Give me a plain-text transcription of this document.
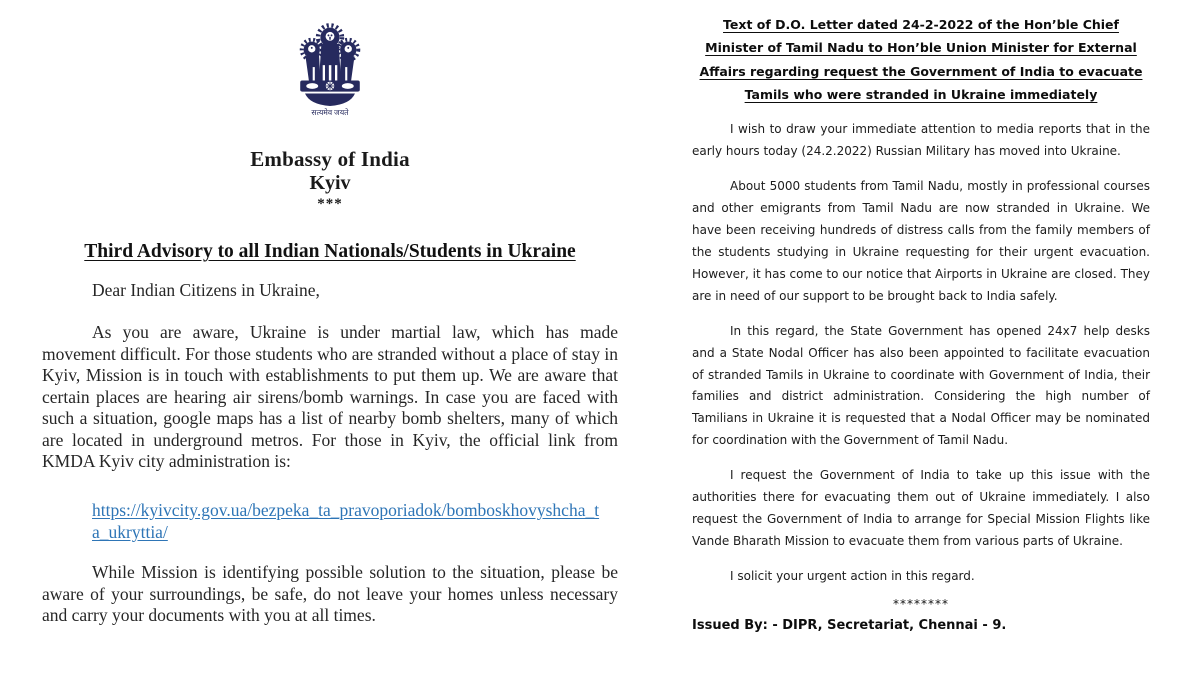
सत्यमेव जयते
Embassy of India
Kyiv
***
Third Advisory to all Indian Nationals/Students in Ukraine
Dear Indian Citizens in Ukraine,
As you are aware, Ukraine is under martial law, which has made movement difficult. For those students who are stranded without a place of stay in Kyiv, Mission is in touch with establishments to put them up. We are aware that certain places are hearing air sirens/bomb warnings. In case you are faced with such a situation, google maps has a list of nearby bomb shelters, many of which are located in underground metros. For those in Kyiv, the official link from KMDA Kyiv city administration is:
https://kyivcity.gov.ua/bezpeka_ta_pravoporiadok/bomboskhovyshcha_ta_ukryttia/
While Mission is identifying possible solution to the situation, please be aware of your surroundings, be safe, do not leave your homes unless necessary and carry your documents with you at all times.
Text of D.O. Letter dated 24-2-2022 of the Hon’ble Chief Minister of Tamil Nadu to Hon’ble Union Minister for External Affairs regarding request the Government of India to evacuate Tamils who were stranded in Ukraine immediately
I wish to draw your immediate attention to media reports that in the early hours today (24.2.2022) Russian Military has moved into Ukraine.
About 5000 students from Tamil Nadu, mostly in professional courses and other emigrants from Tamil Nadu are now stranded in Ukraine. We have been receiving hundreds of distress calls from the family members of the students studying in Ukraine requesting for their urgent evacuation. However, it has come to our notice that Airports in Ukraine are closed. They are in need of our support to be brought back to India safely.
In this regard, the State Government has opened 24x7 help desks and a State Nodal Officer has also been appointed to facilitate evacuation of stranded Tamils in Ukraine to coordinate with Government of India, their families and district administration. Considering the high number of Tamilians in Ukraine it is requested that a Nodal Officer may be nominated for coordination with the Government of Tamil Nadu.
I request the Government of India to take up this issue with the authorities there for evacuating them out of Ukraine immediately. I also request the Government of India to arrange for Special Mission Flights like Vande Bharath Mission to evacuate them from various parts of Ukraine.
I solicit your urgent action in this regard.
********
Issued By: - DIPR, Secretariat, Chennai - 9.
